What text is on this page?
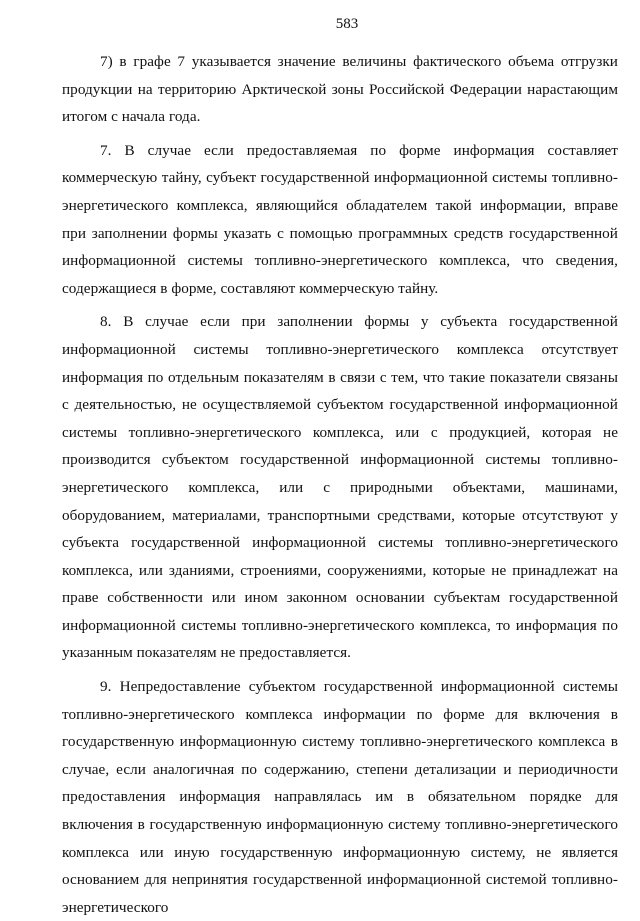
583

7) в графе 7 указывается значение величины фактического объема отгрузки продукции на территорию Арктической зоны Российской Федерации нарастающим итогом с начала года.

7. В случае если предоставляемая по форме информация составляет коммерческую тайну, субъект государственной информационной системы топливно-энергетического комплекса, являющийся обладателем такой информации, вправе при заполнении формы указать с помощью программных средств государственной информационной системы топливно-энергетического комплекса, что сведения, содержащиеся в форме, составляют коммерческую тайну.

8. В случае если при заполнении формы у субъекта государственной информационной системы топливно-энергетического комплекса отсутствует информация по отдельным показателям в связи с тем, что такие показатели связаны с деятельностью, не осуществляемой субъектом государственной информационной системы топливно-энергетического комплекса, или с продукцией, которая не производится субъектом государственной информационной системы топливно-энергетического комплекса, или с природными объектами, машинами, оборудованием, материалами, транспортными средствами, которые отсутствуют у субъекта государственной информационной системы топливно-энергетического комплекса, или зданиями, строениями, сооружениями, которые не принадлежат на праве собственности или ином законном основании субъектам государственной информационной системы топливно-энергетического комплекса, то информация по указанным показателям не предоставляется.

9. Непредоставление субъектом государственной информационной системы топливно-энергетического комплекса информации по форме для включения в государственную информационную систему топливно-энергетического комплекса в случае, если аналогичная по содержанию, степени детализации и периодичности предоставления информация направлялась им в обязательном порядке для включения в государственную информационную систему топливно-энергетического комплекса или иную государственную информационную систему, не является основанием для непринятия государственной информационной системой топливно-энергетического
